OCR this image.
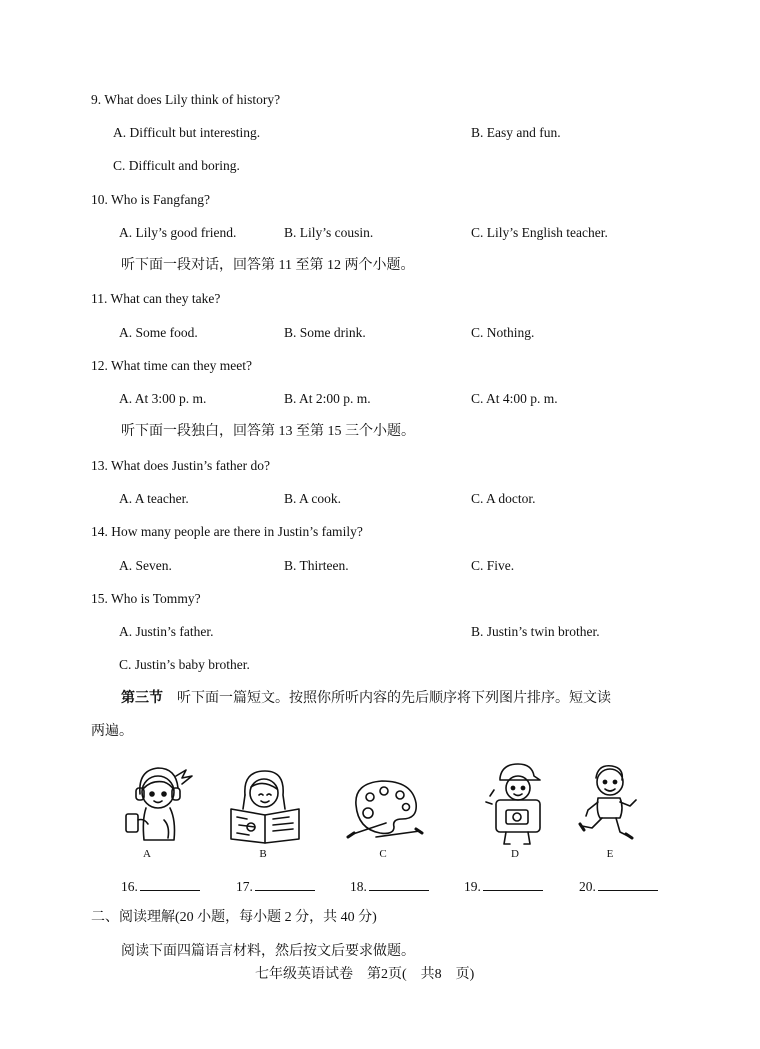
9. What does Lily think of history?
A. Difficult but interesting.	B. Easy and fun.
C. Difficult and boring.
10. Who is Fangfang?
A. Lily’s good friend.	B. Lily’s cousin.	C. Lily’s English teacher.
听下面一段对话，回答第 11 至第 12 两个小题。
11. What can they take?
A. Some food.	B. Some drink.	C. Nothing.
12. What time can they meet?
A. At 3:00 p. m.	B. At 2:00 p. m.	C. At 4:00 p. m.
听下面一段独白，回答第 13 至第 15 三个小题。
13. What does Justin’s father do?
A. A teacher.	B. A cook.	C. A doctor.
14. How many people are there in Justin’s family?
A. Seven.	B. Thirteen.	C. Five.
15. Who is Tommy?
A. Justin’s father.	B. Justin’s twin brother.
C. Justin’s baby brother.
第三节 听下面一篇短文。按照你所听内容的先后顺序将下列图片排序。短文读
两遍。
A	B	C	D	E
16.	17.	18.	19.	20.
二、阅读理解(20 小题，每小题 2 分，共 40 分)
阅读下面四篇语言材料，然后按文后要求做题。
七年级英语试卷　第2页(　共8　页)
